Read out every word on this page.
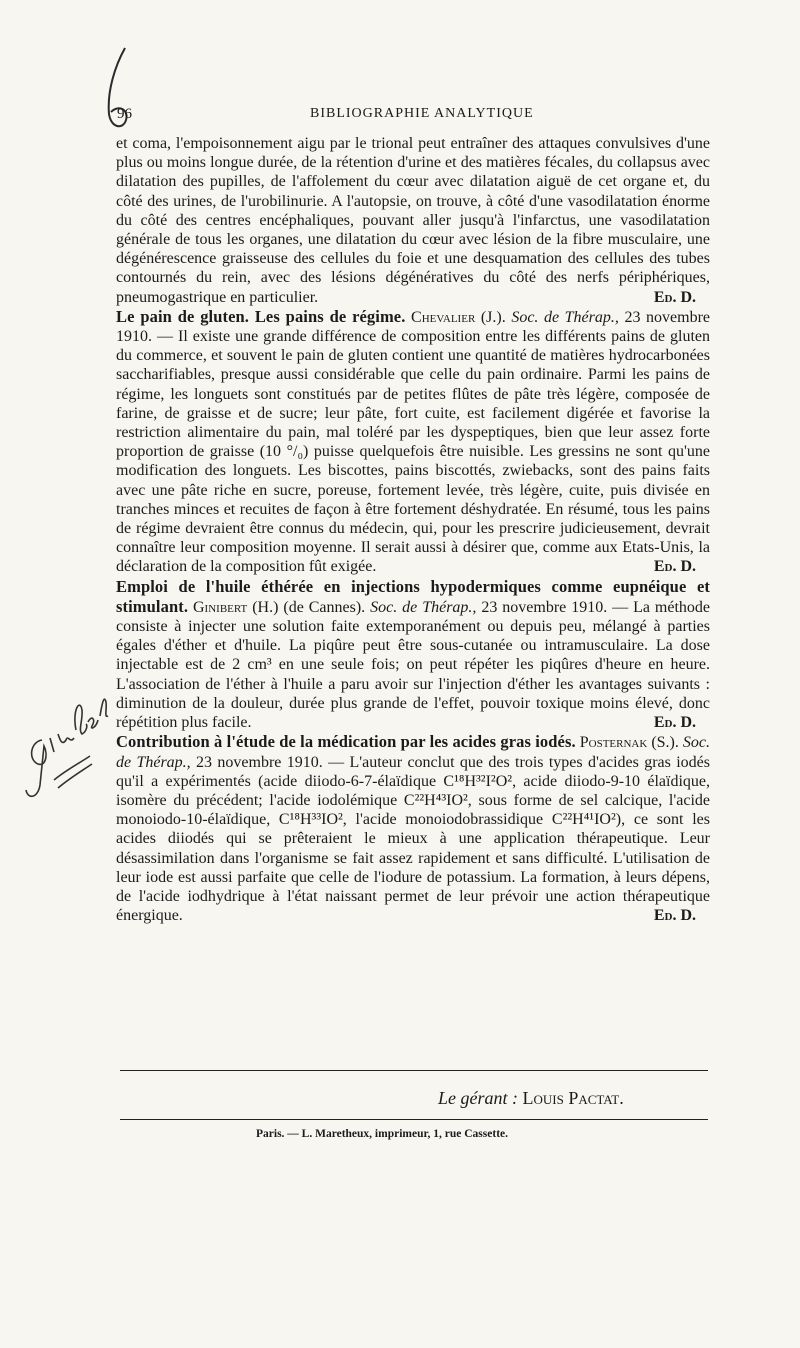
96	BIBLIOGRAPHIE ANALYTIQUE

et coma, l'empoisonnement aigu par le trional peut entraîner des attaques convulsives d'une plus ou moins longue durée, de la rétention d'urine et des matières fécales, du collapsus avec dilatation des pupilles, de l'affolement du cœur avec dilatation aiguë de cet organe et, du côté des urines, de l'urobilinurie. A l'autopsie, on trouve, à côté d'une vasodilatation énorme du côté des centres encéphaliques, pouvant aller jusqu'à l'infarctus, une vasodilatation générale de tous les organes, une dilatation du cœur avec lésion de la fibre musculaire, une dégénérescence graisseuse des cellules du foie et une desquamation des cellules des tubes contournés du rein, avec des lésions dégénératives du côté des nerfs périphériques, pneumogastrique en particulier.	Ed. D.

Le pain de gluten. Les pains de régime. Chevalier (J.). Soc. de Thérap., 23 novembre 1910. — Il existe une grande différence de composition entre les différents pains de gluten du commerce, et souvent le pain de gluten contient une quantité de matières hydrocarbonées saccharifiables, presque aussi considérable que celle du pain ordinaire. Parmi les pains de régime, les longuets sont constitués par de petites flûtes de pâte très légère, composée de farine, de graisse et de sucre; leur pâte, fort cuite, est facilement digérée et favorise la restriction alimentaire du pain, mal toléré par les dyspeptiques, bien que leur assez forte proportion de graisse (10 °/₀) puisse quelquefois être nuisible. Les gressins ne sont qu'une modification des longuets. Les biscottes, pains biscottés, zwiebacks, sont des pains faits avec une pâte riche en sucre, poreuse, fortement levée, très légère, cuite, puis divisée en tranches minces et recuites de façon à être fortement déshydratée. En résumé, tous les pains de régime devraient être connus du médecin, qui, pour les prescrire judicieusement, devrait connaître leur composition moyenne. Il serait aussi à désirer que, comme aux Etats-Unis, la déclaration de la composition fût exigée.	Ed. D.

Emploi de l'huile éthérée en injections hypodermiques comme eupnéique et stimulant. Ginibert (H.) (de Cannes). Soc. de Thérap., 23 novembre 1910. — La méthode consiste à injecter une solution faite extemporanément ou depuis peu, mélangé à parties égales d'éther et d'huile. La piqûre peut être sous-cutanée ou intramusculaire. La dose injectable est de 2 cm³ en une seule fois; on peut répéter les piqûres d'heure en heure. L'association de l'éther à l'huile a paru avoir sur l'injection d'éther les avantages suivants : diminution de la douleur, durée plus grande de l'effet, pouvoir toxique moins élevé, donc répétition plus facile.	Ed. D.

Contribution à l'étude de la médication par les acides gras iodés. Posternak (S.). Soc. de Thérap., 23 novembre 1910. — L'auteur conclut que des trois types d'acides gras iodés qu'il a expérimentés (acide diiodo-6-7-élaïdique C¹⁸H³²I²O², acide diiodo-9-10 élaïdique, isomère du précédent; l'acide iodolémique C²²H⁴³IO², sous forme de sel calcique, l'acide monoiodo-10-élaïdique, C¹⁸H³³IO², l'acide monoiodobrassidique C²²H⁴¹IO²), ce sont les acides diiodés qui se prêteraient le mieux à une application thérapeutique. Leur désassimilation dans l'organisme se fait assez rapidement et sans difficulté. L'utilisation de leur iode est aussi parfaite que celle de l'iodure de potassium. La formation, à leurs dépens, de l'acide iodhydrique à l'état naissant permet de leur prévoir une action thérapeutique énergique.	Ed. D.

Le gérant : Louis Pactat.
Paris. — L. Maretheux, imprimeur, 1, rue Cassette.
